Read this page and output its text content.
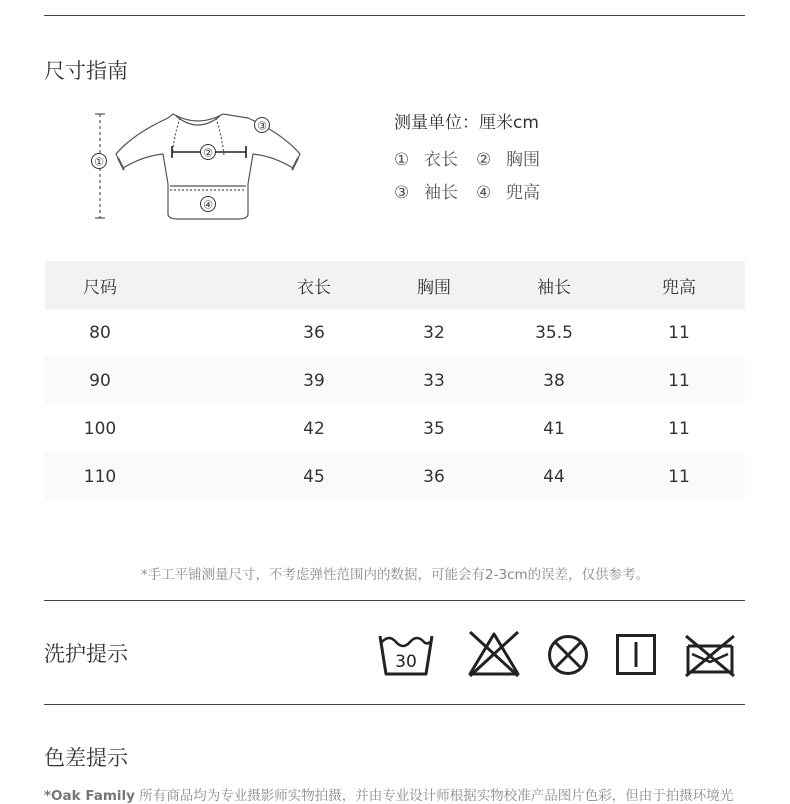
尺寸指南
①
②
③
④
测量单位：厘米cm
① 衣长 ② 胸围
③ 袖长 ④ 兜高
尺码	衣长	胸围	袖长	兜高
80	36	32	35.5	11
90	39	33	38	11
100	42	35	41	11
110	45	36	44	11
*手工平铺测量尺寸，不考虑弹性范围内的数据，可能会有2-3cm的误差，仅供参考。
洗护提示	30
色差提示
*Oak Family 所有商品均为专业摄影师实物拍摄，并由专业设计师根据实物校准产品图片色彩，但由于拍摄环境光
